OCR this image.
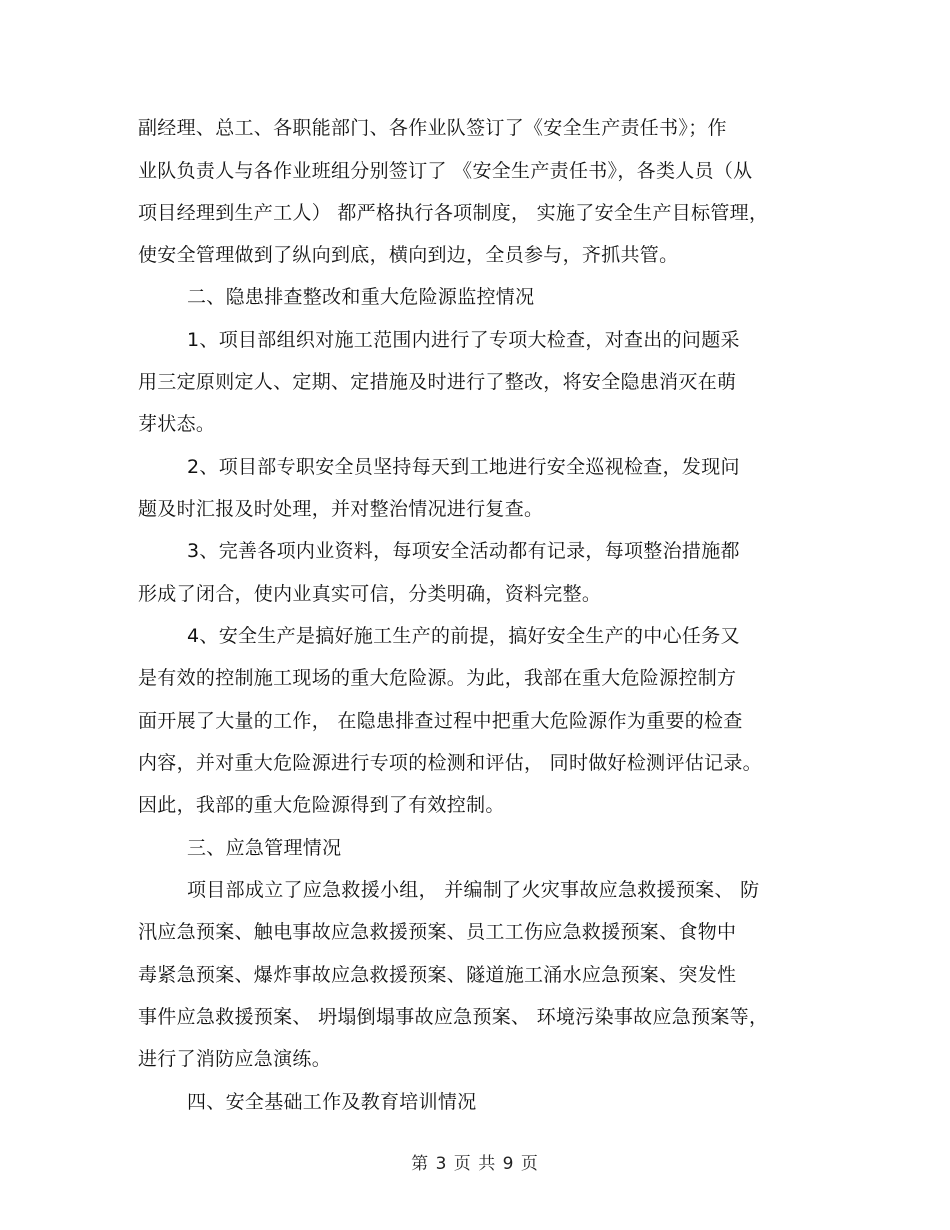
副经理、总工、各职能部门、各作业队签订了《安全生产责任书》；作
业队负责人与各作业班组分别签订了 《安全生产责任书》，各类人员（从
项目经理到生产工人） 都严格执行各项制度， 实施了安全生产目标管理，
使安全管理做到了纵向到底，横向到边，全员参与，齐抓共管。
二、隐患排查整改和重大危险源监控情况
1、项目部组织对施工范围内进行了专项大检查，对查出的问题采
用三定原则定人、定期、定措施及时进行了整改，将安全隐患消灭在萌
芽状态。
2、项目部专职安全员坚持每天到工地进行安全巡视检查，发现问
题及时汇报及时处理，并对整治情况进行复查。
3、完善各项内业资料，每项安全活动都有记录，每项整治措施都
形成了闭合，使内业真实可信，分类明确，资料完整。
4、安全生产是搞好施工生产的前提，搞好安全生产的中心任务又
是有效的控制施工现场的重大危险源。为此，我部在重大危险源控制方
面开展了大量的工作， 在隐患排查过程中把重大危险源作为重要的检查
内容，并对重大危险源进行专项的检测和评估， 同时做好检测评估记录。
因此，我部的重大危险源得到了有效控制。
三、应急管理情况
项目部成立了应急救援小组， 并编制了火灾事故应急救援预案、 防
汛应急预案、触电事故应急救援预案、员工工伤应急救援预案、食物中
毒紧急预案、爆炸事故应急救援预案、隧道施工涌水应急预案、突发性
事件应急救援预案、 坍塌倒塌事故应急预案、 环境污染事故应急预案等，
进行了消防应急演练。
四、安全基础工作及教育培训情况
第 3 页 共 9 页
